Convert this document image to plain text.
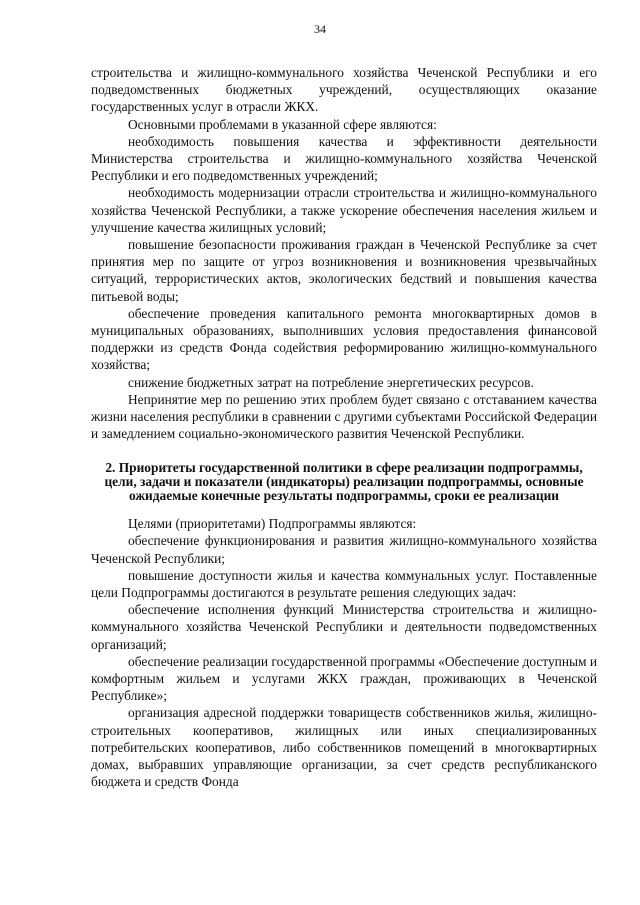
34

строительства и жилищно-коммунального хозяйства Чеченской Республики и его подведомственных бюджетных учреждений, осуществляющих оказание государственных услуг в отрасли ЖКХ.

Основными проблемами в указанной сфере являются:

необходимость повышения качества и эффективности деятельности Министерства строительства и жилищно-коммунального хозяйства Чеченской Республики и его подведомственных учреждений;

необходимость модернизации отрасли строительства и жилищно-коммунального хозяйства Чеченской Республики, а также ускорение обеспечения населения жильем и улучшение качества жилищных условий;

повышение безопасности проживания граждан в Чеченской Республике за счет принятия мер по защите от угроз возникновения и возникновения чрезвычайных ситуаций, террористических актов, экологических бедствий и повышения качества питьевой воды;

обеспечение проведения капитального ремонта многоквартирных домов в муниципальных образованиях, выполнивших условия предоставления финансовой поддержки из средств Фонда содействия реформированию жилищно-коммунального хозяйства;

снижение бюджетных затрат на потребление энергетических ресурсов.

Непринятие мер по решению этих проблем будет связано с отставанием качества жизни населения республики в сравнении с другими субъектами Российской Федерации и замедлением социально-экономического развития Чеченской Республики.

2. Приоритеты государственной политики в сфере реализации подпрограммы, цели, задачи и показатели (индикаторы) реализации подпрограммы, основные ожидаемые конечные результаты подпрограммы, сроки ее реализации

Целями (приоритетами) Подпрограммы являются:

обеспечение функционирования и развития жилищно-коммунального хозяйства Чеченской Республики;

повышение доступности жилья и качества коммунальных услуг. Поставленные цели Подпрограммы достигаются в результате решения следующих задач:

обеспечение исполнения функций Министерства строительства и жилищно-коммунального хозяйства Чеченской Республики и деятельности подведомственных организаций;

обеспечение реализации государственной программы «Обеспечение доступным и комфортным жильем и услугами ЖКХ граждан, проживающих в Чеченской Республике»;

организация адресной поддержки товариществ собственников жилья, жилищно-строительных кооперативов, жилищных или иных специализированных потребительских кооперативов, либо собственников помещений в многоквартирных домах, выбравших управляющие организации, за счет средств республиканского бюджета и средств Фонда
